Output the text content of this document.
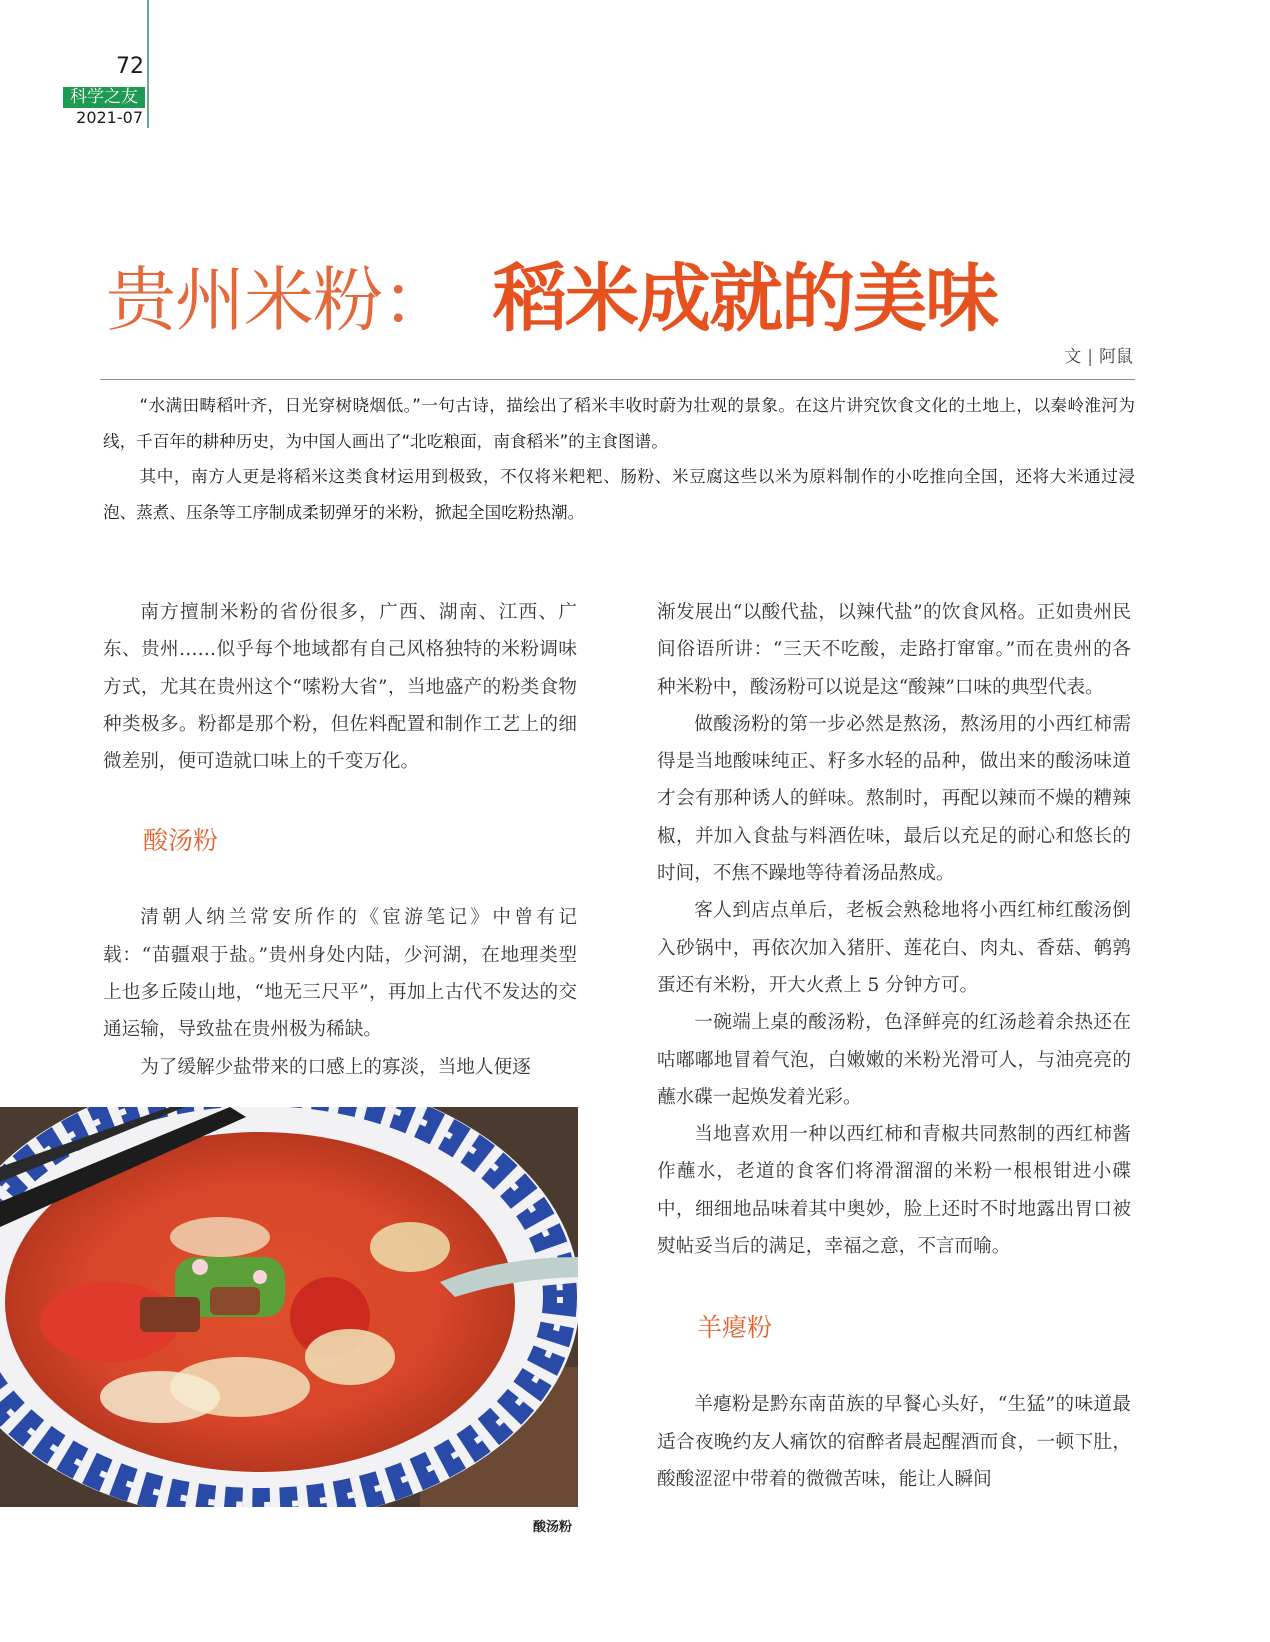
72
科学之友
2021-07
贵州米粉： 稻米成就的美味
文 | 阿鼠

“水满田畴稻叶齐，日光穿树晓烟低。”一句古诗，描绘出了稻米丰收时蔚为壮观的景象。在这片讲究饮食文化的土地上，以秦岭淮河为线，千百年的耕种历史，为中国人画出了“北吃粮面，南食稻米”的主食图谱。

其中，南方人更是将稻米这类食材运用到极致，不仅将米粑粑、肠粉、米豆腐这些以米为原料制作的小吃推向全国，还将大米通过浸泡、蒸煮、压条等工序制成柔韧弹牙的米粉，掀起全国吃粉热潮。

南方擅制米粉的省份很多，广西、湖南、江西、广东、贵州……似乎每个地域都有自己风格独特的米粉调味方式，尤其在贵州这个“嗦粉大省”，当地盛产的粉类食物种类极多。粉都是那个粉，但佐料配置和制作工艺上的细微差别，便可造就口味上的千变万化。

酸汤粉

清朝人纳兰常安所作的《宦游笔记》中曾有记载：“苗疆艰于盐。”贵州身处内陆，少河湖，在地理类型上也多丘陵山地，“地无三尺平”，再加上古代不发达的交通运输，导致盐在贵州极为稀缺。

为了缓解少盐带来的口感上的寡淡，当地人便逐

渐发展出“以酸代盐，以辣代盐”的饮食风格。正如贵州民间俗语所讲：“三天不吃酸，走路打窜窜。”而在贵州的各种米粉中，酸汤粉可以说是这“酸辣”口味的典型代表。

做酸汤粉的第一步必然是熬汤，熬汤用的小西红柿需得是当地酸味纯正、籽多水轻的品种，做出来的酸汤味道才会有那种诱人的鲜味。熬制时，再配以辣而不燥的糟辣椒，并加入食盐与料酒佐味，最后以充足的耐心和悠长的时间，不焦不躁地等待着汤品熬成。

客人到店点单后，老板会熟稔地将小西红柿红酸汤倒入砂锅中，再依次加入猪肝、莲花白、肉丸、香菇、鹌鹑蛋还有米粉，开大火煮上 5 分钟方可。

一碗端上桌的酸汤粉，色泽鲜亮的红汤趁着余热还在咕嘟嘟地冒着气泡，白嫩嫩的米粉光滑可人，与油亮亮的蘸水碟一起焕发着光彩。

当地喜欢用一种以西红柿和青椒共同熬制的西红柿酱作蘸水，老道的食客们将滑溜溜的米粉一根根钳进小碟中，细细地品味着其中奥妙，脸上还时不时地露出胃口被熨帖妥当后的满足，幸福之意，不言而喻。

羊瘪粉

羊瘪粉是黔东南苗族的早餐心头好，“生猛”的味道最适合夜晚约友人痛饮的宿醉者晨起醒酒而食，一顿下肚，酸酸涩涩中带着的微微苦味，能让人瞬间

酸汤粉
